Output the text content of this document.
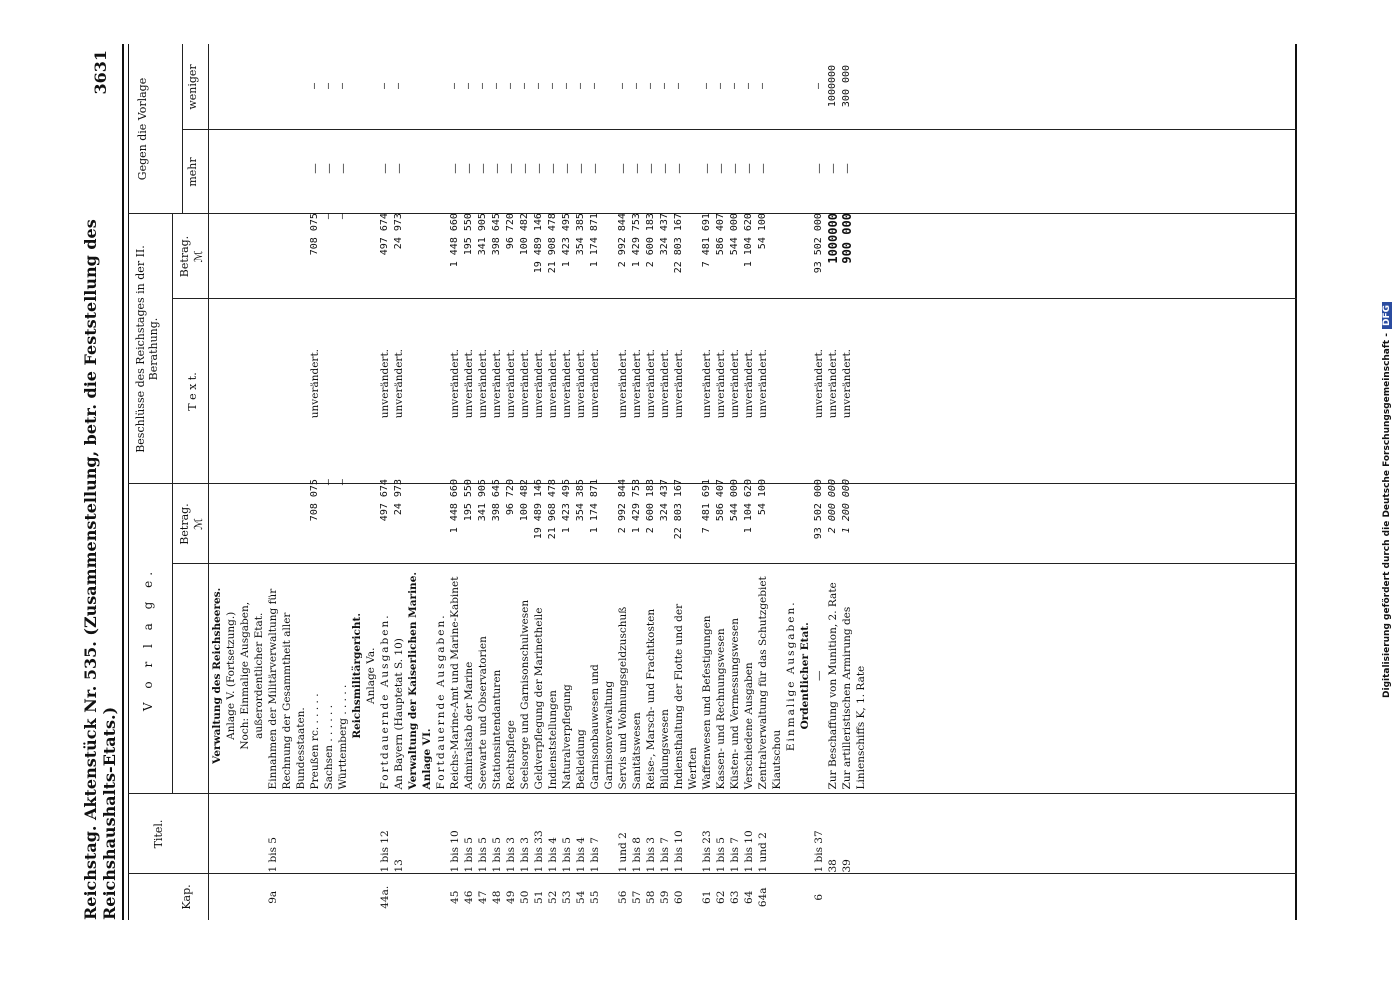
Reichstag. Aktenstück Nr. 535. (Zusammenstellung, betr. die Feststellung des Reichshaushalts-Etats.)
3631
Kap.
Titel.
V o r l a g e.
Betrag. ℳ
Beschlüsse des Reichstages in der II. Berathung.
T e x t.
Betrag. ℳ
Gegen die Vorlage	mehr
weniger
Verwaltung des Reichsheeres. Anlage V. (Fortsetzung.) Noch: Einmalige Ausgaben, außerordentlicher Etat.
9a
1 bis 5
Einnahmen der Militärverwaltung für Rechnung der Gesammtheit aller Bundesstaaten. Preußen rc. . . . . .
708 075
unverändert.
708 075
—
—
Sachsen . . . . . .
—
—
—
—
Württemberg . . . . .
—
—
—
—
Reichsmilitärgericht. Anlage Va.
44a.
1 bis 12
Fortdauernde Ausgaben.
497 674
unverändert.
497 674
—
—
13
An Bayern (Hauptetat S. 10)
24 973
unverändert.
24 973
—
—
Verwaltung der Kaiserlichen Marine. Anlage VI. Fortdauernde Ausgaben.
45
1 bis 10
Reichs-Marine-Amt und Marine-Kabinet
1 448 660
unverändert.
1 448 660
—
—
46
1 bis 5
Admiralstab der Marine
195 550
unverändert.
195 550
—
—
47
1 bis 5
Seewarte und Observatorien
341 905
unverändert.
341 905
—
—
48
1 bis 5
Stationsintendanturen
398 645
unverändert.
398 645
—
—
49
1 bis 3
Rechtspflege
96 720
unverändert.
96 720
—
—
50
1 bis 3
Seelsorge und Garnisonschulwesen
100 482
unverändert.
100 482
—
—
51
1 bis 33
Geldverpflegung der Marinetheile
19 489 146
unverändert.
19 489 146
—
—
52
1 bis 4
Indienststellungen
21 968 478
unverändert.
21 908 478
—
—
53
1 bis 5
Naturalverpflegung
1 423 495
unverändert.
1 423 495
—
—
54
1 bis 4
Bekleidung
354 385
unverändert.
354 385
—
—
55
1 bis 7
Garnisonbauwesen und Garnisonverwaltung
1 174 871
unverändert.
1 174 871
—
—
56
1 und 2
Servis und Wohnungsgeldzuschuß
2 992 844
unverändert.
2 992 844
—
—
57
1 bis 8
Sanitätswesen
1 429 753
unverändert.
1 429 753
—
—
58
1 bis 3
Reise-, Marsch- und Frachtkosten
2 600 183
unverändert.
2 600 183
—
—
59
1 bis 7
Bildungswesen
324 437
unverändert.
324 437
—
—
60
1 bis 10
Indiensthaltung der Flotte und der Werften
22 803 167
unverändert.
22 803 167
—
—
61
1 bis 23
Waffenwesen und Befestigungen
7 481 691
unverändert.
7 481 691
—
—
62
1 bis 5
Kassen- und Rechnungswesen
586 407
unverändert.
586 407
—
—
63
1 bis 7
Küsten- und Vermessungswesen
544 000
unverändert.
544 000
—
—
64
1 bis 10
Verschiedene Ausgaben
1 104 620
unverändert.
1 104 620
—
—
64a
1 und 2
Zentralverwaltung für das Schutzgebiet Kiautschou
54 100
unverändert.
54 100
—
—
Einmalige Ausgaben. Ordentlicher Etat.
6
1 bis 37
—
93 502 000
unverändert.
93 502 000
—
—
38
Zur Beschaffung von Munition, 2. Rate
2 000 000
unverändert.
1000000
—
1000000
39
Zur artilleristischen Armirung des Linienschiffs K, 1. Rate
1 200 000
unverändert.
900 000
—
300 000
Digitalisierung gefördert durch die Deutsche Forschungsgemeinschaft -
DFG
